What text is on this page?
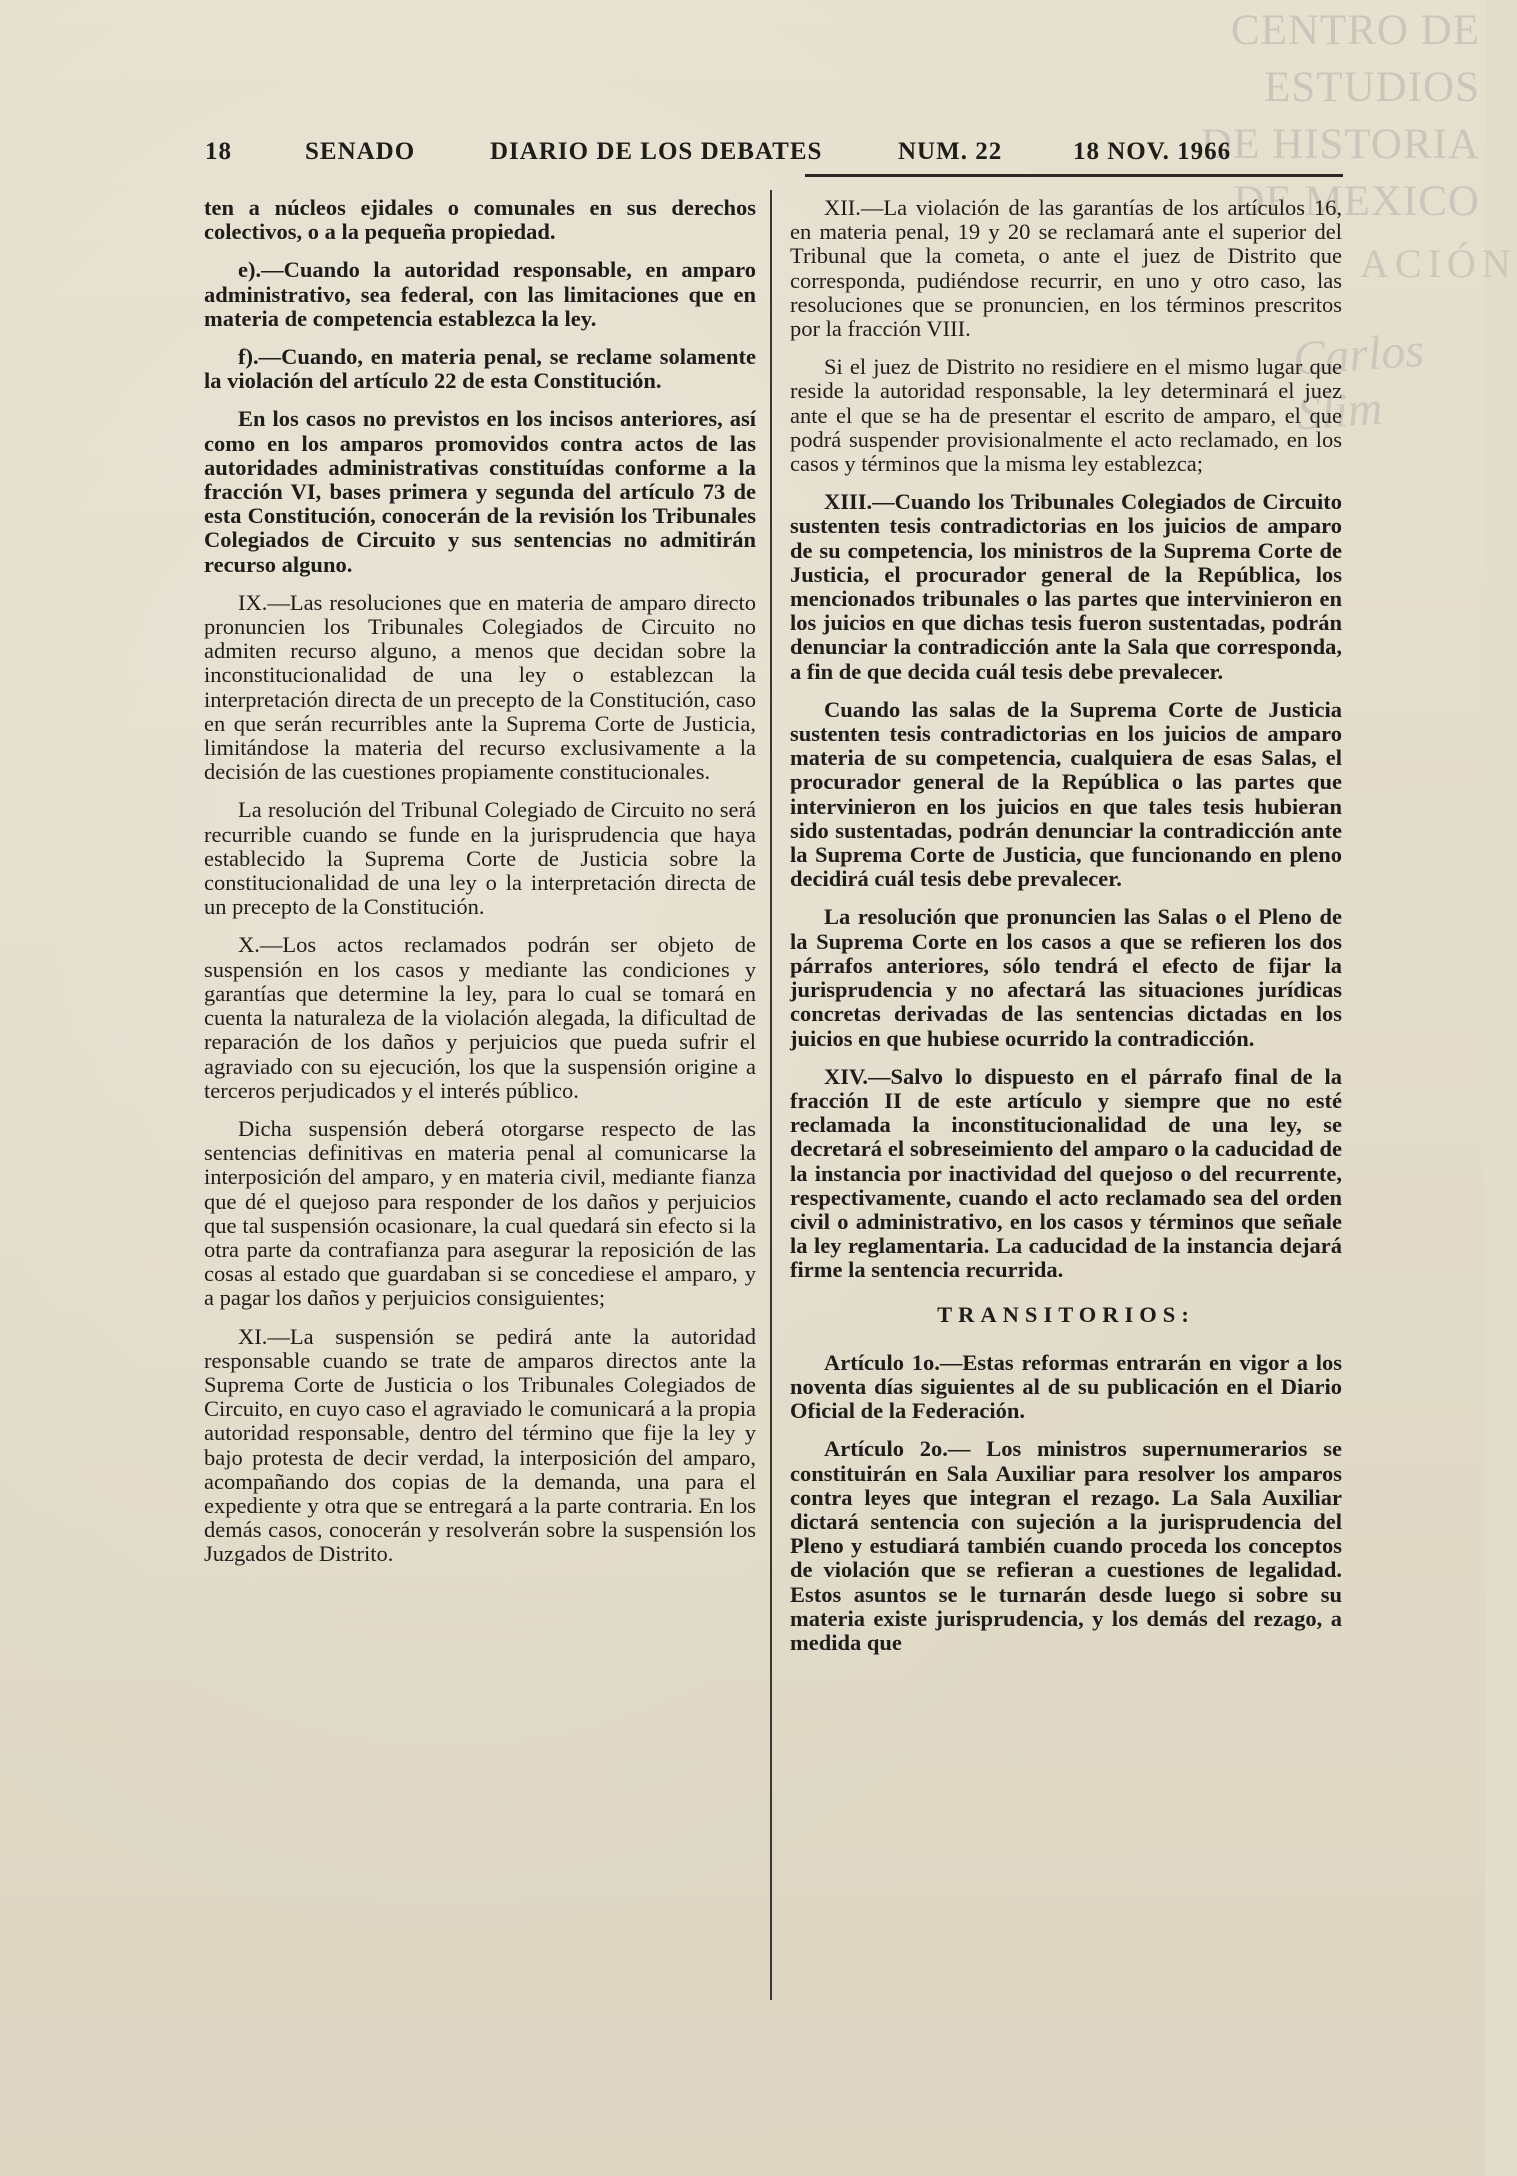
CENTRO DE
ESTUDIOS
DE HISTORIA
DE MEXICO
ACIÓN
Carlos Slim
18	SENADO	DIARIO DE LOS DEBATES	NUM. 22	18 NOV. 1966

ten a núcleos ejidales o comunales en sus derechos colectivos, o a la pequeña propiedad.

e).—Cuando la autoridad responsable, en amparo administrativo, sea federal, con las limitaciones que en materia de competencia establezca la ley.

f).—Cuando, en materia penal, se reclame solamente la violación del artículo 22 de esta Constitución.

En los casos no previstos en los incisos anteriores, así como en los amparos promovidos contra actos de las autoridades administrativas constituídas conforme a la fracción VI, bases primera y segunda del artículo 73 de esta Constitución, conocerán de la revisión los Tribunales Colegiados de Circuito y sus sentencias no admitirán recurso alguno.

IX.—Las resoluciones que en materia de amparo directo pronuncien los Tribunales Colegiados de Circuito no admiten recurso alguno, a menos que decidan sobre la inconstitucionalidad de una ley o establezcan la interpretación directa de un precepto de la Constitución, caso en que serán recurribles ante la Suprema Corte de Justicia, limitándose la materia del recurso exclusivamente a la decisión de las cuestiones propiamente constitucionales.

La resolución del Tribunal Colegiado de Circuito no será recurrible cuando se funde en la jurisprudencia que haya establecido la Suprema Corte de Justicia sobre la constitucionalidad de una ley o la interpretación directa de un precepto de la Constitución.

X.—Los actos reclamados podrán ser objeto de suspensión en los casos y mediante las condiciones y garantías que determine la ley, para lo cual se tomará en cuenta la naturaleza de la violación alegada, la dificultad de reparación de los daños y perjuicios que pueda sufrir el agraviado con su ejecución, los que la suspensión origine a terceros perjudicados y el interés público.

Dicha suspensión deberá otorgarse respecto de las sentencias definitivas en materia penal al comunicarse la interposición del amparo, y en materia civil, mediante fianza que dé el quejoso para responder de los daños y perjuicios que tal suspensión ocasionare, la cual quedará sin efecto si la otra parte da contrafianza para asegurar la reposición de las cosas al estado que guardaban si se concediese el amparo, y a pagar los daños y perjuicios consiguientes;

XI.—La suspensión se pedirá ante la autoridad responsable cuando se trate de amparos directos ante la Suprema Corte de Justicia o los Tribunales Colegiados de Circuito, en cuyo caso el agraviado le comunicará a la propia autoridad responsable, dentro del término que fije la ley y bajo protesta de decir verdad, la interposición del amparo, acompañando dos copias de la demanda, una para el expediente y otra que se entregará a la parte contraria. En los demás casos, conocerán y resolverán sobre la suspensión los Juzgados de Distrito.

XII.—La violación de las garantías de los artículos 16, en materia penal, 19 y 20 se reclamará ante el superior del Tribunal que la cometa, o ante el juez de Distrito que corresponda, pudiéndose recurrir, en uno y otro caso, las resoluciones que se pronuncien, en los términos prescritos por la fracción VIII.

Si el juez de Distrito no residiere en el mismo lugar que reside la autoridad responsable, la ley determinará el juez ante el que se ha de presentar el escrito de amparo, el que podrá suspender provisionalmente el acto reclamado, en los casos y términos que la misma ley establezca;

XIII.—Cuando los Tribunales Colegiados de Circuito sustenten tesis contradictorias en los juicios de amparo de su competencia, los ministros de la Suprema Corte de Justicia, el procurador general de la República, los mencionados tribunales o las partes que intervinieron en los juicios en que dichas tesis fueron sustentadas, podrán denunciar la contradicción ante la Sala que corresponda, a fin de que decida cuál tesis debe prevalecer.

Cuando las salas de la Suprema Corte de Justicia sustenten tesis contradictorias en los juicios de amparo materia de su competencia, cualquiera de esas Salas, el procurador general de la República o las partes que intervinieron en los juicios en que tales tesis hubieran sido sustentadas, podrán denunciar la contradicción ante la Suprema Corte de Justicia, que funcionando en pleno decidirá cuál tesis debe prevalecer.

La resolución que pronuncien las Salas o el Pleno de la Suprema Corte en los casos a que se refieren los dos párrafos anteriores, sólo tendrá el efecto de fijar la jurisprudencia y no afectará las situaciones jurídicas concretas derivadas de las sentencias dictadas en los juicios en que hubiese ocurrido la contradicción.

XIV.—Salvo lo dispuesto en el párrafo final de la fracción II de este artículo y siempre que no esté reclamada la inconstitucionalidad de una ley, se decretará el sobreseimiento del amparo o la caducidad de la instancia por inactividad del quejoso o del recurrente, respectivamente, cuando el acto reclamado sea del orden civil o administrativo, en los casos y términos que señale la ley reglamentaria. La caducidad de la instancia dejará firme la sentencia recurrida.

TRANSITORIOS:

Artículo 1o.—Estas reformas entrarán en vigor a los noventa días siguientes al de su publicación en el Diario Oficial de la Federación.

Artículo 2o.— Los ministros supernumerarios se constituirán en Sala Auxiliar para resolver los amparos contra leyes que integran el rezago. La Sala Auxiliar dictará sentencia con sujeción a la jurisprudencia del Pleno y estudiará también cuando proceda los conceptos de violación que se refieran a cuestiones de legalidad. Estos asuntos se le turnarán desde luego si sobre su materia existe jurisprudencia, y los demás del rezago, a medida que
